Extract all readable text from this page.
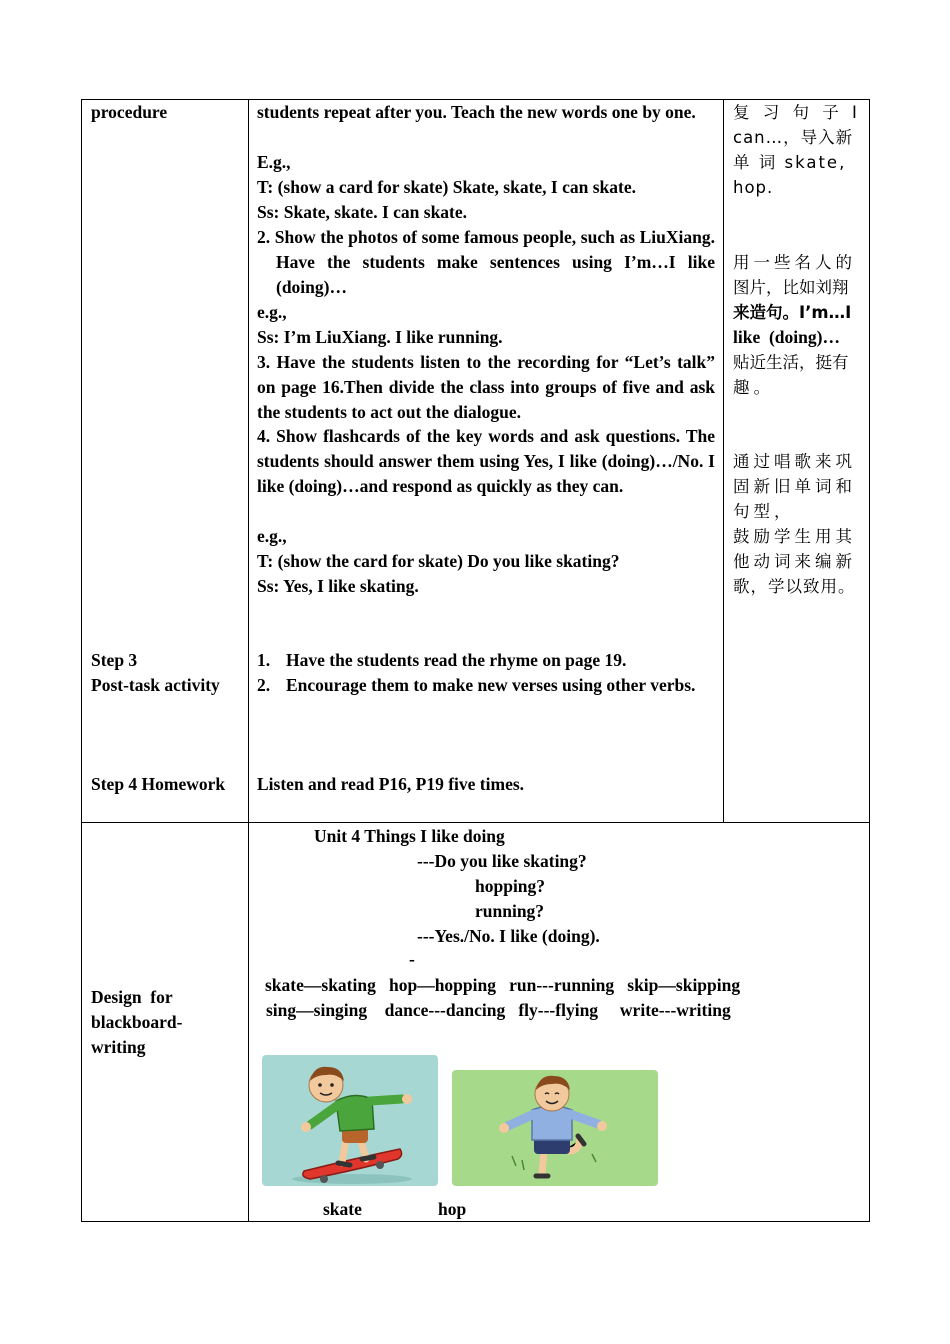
procedure
Step 3
Post-task activity
Step 4 Homework
Design  for
blackboard-
writing
students repeat after you. Teach the new words one by one.
E.g.,
T: (show a card for skate) Skate, skate, I can skate.
Ss: Skate, skate. I can skate.
2. Show the photos of some famous people, such as LiuXiang. Have the students make sentences using I’m…I like (doing)…
e.g.,
Ss: I’m LiuXiang. I like running.
3. Have the students listen to the recording for “Let’s talk” on page 16.Then divide the class into groups of five and ask the students to act out the dialogue.
4. Show flashcards of the key words and ask questions. The students should answer them using Yes, I like (doing)…/No. I like (doing)…and respond as quickly as they can.
e.g.,
T: (show the card for skate) Do you like skating?
Ss: Yes, I like skating.
1. Have the students read the rhyme on page 19.
2. Encourage them to make new verses using other verbs.
Listen and read P16, P19 five times.
复 习 句 子 I
can…，导入新
单 词 skate,
hop.
用一些名人的
图片，比如刘翔
来造句。I’m…I
like  (doing)…
贴近生活，挺有
趣。
通过唱歌来巩
固新旧单词和
句型，
鼓励学生用其
他动词来编新
歌，学以致用。
Unit 4 Things I like doing
---Do you like skating?
hopping?
running?
---Yes./No. I like (doing).
-
skate—skating   hop—hopping   run---running   skip—skipping
sing—singing    dance---dancing   fly---flying     write---writing
skate	hop
